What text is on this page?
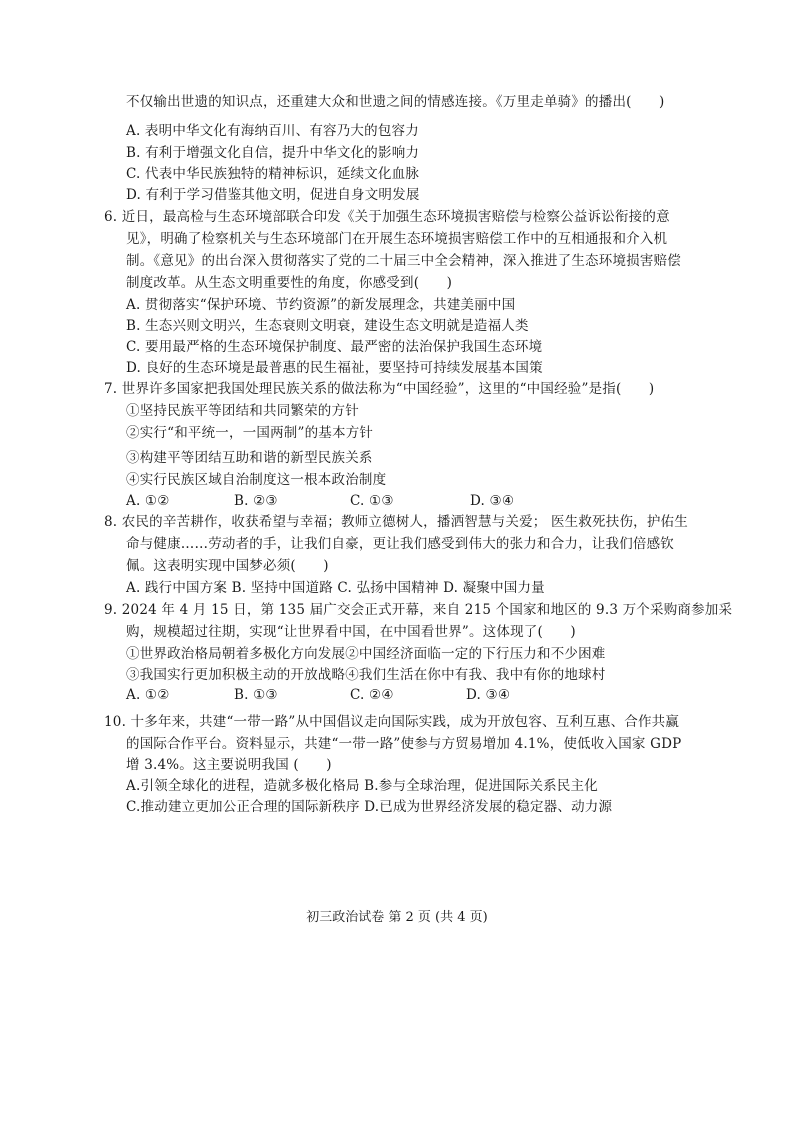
不仅输出世遗的知识点，还重建大众和世遗之间的情感连接。《万里走单骑》的播出(　　)
A. 表明中华文化有海纳百川、有容乃大的包容力
B. 有利于增强文化自信，提升中华文化的影响力
C. 代表中华民族独特的精神标识，延续文化血脉
D. 有利于学习借鉴其他文明，促进自身文明发展
6. 近日，最高检与生态环境部联合印发《关于加强生态环境损害赔偿与检察公益诉讼衔接的意
见》，明确了检察机关与生态环境部门在开展生态环境损害赔偿工作中的互相通报和介入机
制。《意见》的出台深入贯彻落实了党的二十届三中全会精神，深入推进了生态环境损害赔偿
制度改革。从生态文明重要性的角度，你感受到(　　)
A. 贯彻落实“保护环境、节约资源”的新发展理念，共建美丽中国
B. 生态兴则文明兴，生态衰则文明衰，建设生态文明就是造福人类
C. 要用最严格的生态环境保护制度、最严密的法治保护我国生态环境
D. 良好的生态环境是最普惠的民生福祉，要坚持可持续发展基本国策
7. 世界许多国家把我国处理民族关系的做法称为“中国经验”，这里的“中国经验”是指(　　)
①坚持民族平等团结和共同繁荣的方针
②实行“和平统一，一国两制”的基本方针
③构建平等团结互助和谐的新型民族关系
④实行民族区域自治制度这一根本政治制度
A. ①②	B. ②③	C. ①③	D. ③④
8. 农民的辛苦耕作，收获希望与幸福；教师立德树人，播洒智慧与关爱； 医生救死扶伤，护佑生
命与健康……劳动者的手，让我们自豪，更让我们感受到伟大的张力和合力，让我们倍感钦
佩。这表明实现中国梦必须(　　)
A. 践行中国方案 B. 坚持中国道路 C. 弘扬中国精神 D. 凝聚中国力量
9. 2024 年 4 月 15 日，第 135 届广交会正式开幕，来自 215 个国家和地区的 9.3 万个采购商参加采
购，规模超过往期，实现“让世界看中国，在中国看世界”。这体现了(　　)
①世界政治格局朝着多极化方向发展②中国经济面临一定的下行压力和不少困难
③我国实行更加积极主动的开放战略④我们生活在你中有我、我中有你的地球村
A. ①②	B. ①③	C. ②④	D. ③④
10. 十多年来，共建“一带一路”从中国倡议走向国际实践，成为开放包容、互利互惠、合作共赢
的国际合作平台。资料显示，共建“一带一路”使参与方贸易增加 4.1%，使低收入国家 GDP
增 3.4%。这主要说明我国 (　　)
A.引领全球化的进程，造就多极化格局 B.参与全球治理，促进国际关系民主化
C.推动建立更加公正合理的国际新秩序 D.已成为世界经济发展的稳定器、动力源
初三政治试卷 第 2 页 (共 4 页)
